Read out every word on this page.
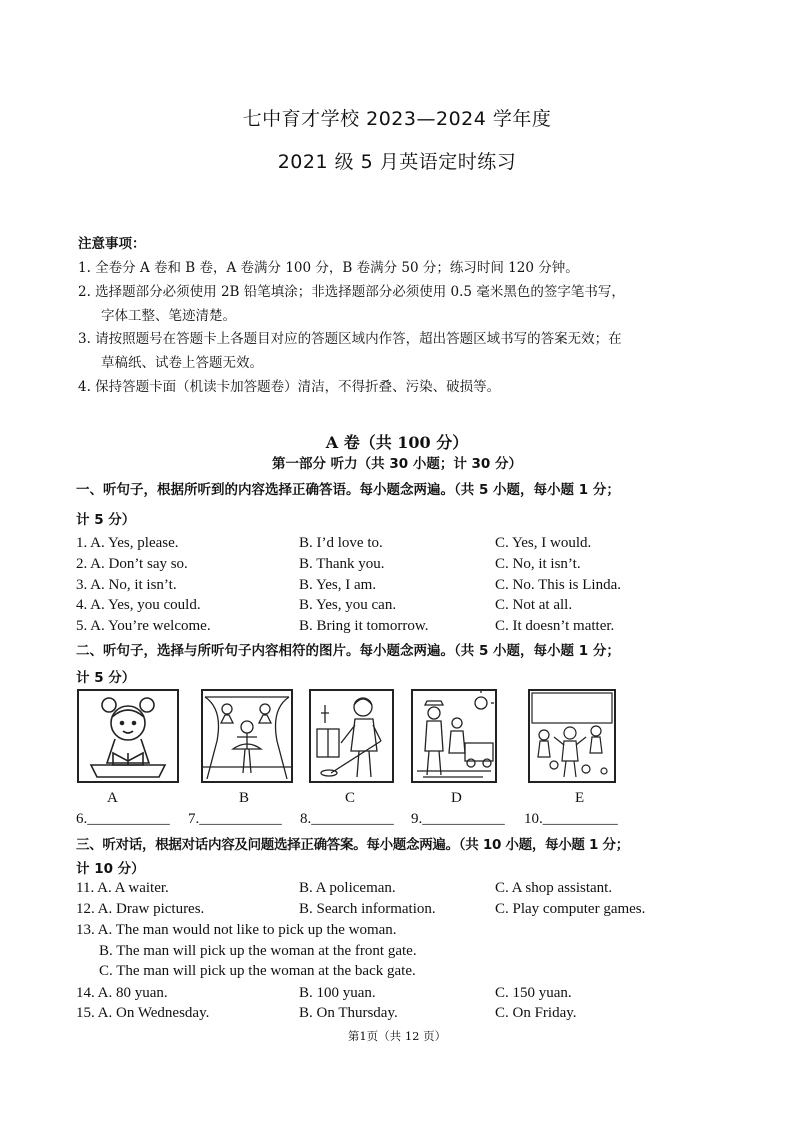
七中育才学校 2023—2024 学年度
2021 级 5 月英语定时练习
注意事项：
1. 全卷分 A 卷和 B 卷，A 卷满分 100 分，B 卷满分 50 分；练习时间 120 分钟。
2. 选择题部分必须使用 2B 铅笔填涂；非选择题部分必须使用 0.5 毫米黑色的签字笔书写，
字体工整、笔迹清楚。
3. 请按照题号在答题卡上各题目对应的答题区域内作答，超出答题区域书写的答案无效；在
草稿纸、试卷上答题无效。
4. 保持答题卡面（机读卡加答题卷）清洁，不得折叠、污染、破损等。
A 卷（共 100 分）
第一部分 听力（共 30 小题；计 30 分）
一、听句子，根据所听到的内容选择正确答语。每小题念两遍。（共 5 小题，每小题 1 分；
计 5 分）
1. A. Yes, please.	B. I’d love to.	C. Yes, I would.
2. A. Don’t say so.	B. Thank you.	C. No, it isn’t.
3. A. No, it isn’t.	B. Yes, I am.	C. No. This is Linda.
4. A. Yes, you could.	B. Yes, you can.	C. Not at all.
5. A. You’re welcome.	B. Bring it tomorrow.	C. It doesn’t matter.
二、听句子，选择与所听句子内容相符的图片。每小题念两遍。（共 5 小题，每小题 1 分；
计 5 分）
A	B	C	D	E
6.___________ 7.___________ 8.___________ 9.___________ 10.__________
三、听对话，根据对话内容及问题选择正确答案。每小题念两遍。（共 10 小题，每小题 1 分；
计 10 分）
11. A. A waiter.	B. A policeman.	C. A shop assistant.
12. A. Draw pictures.	B. Search information.	C. Play computer games.
13. A. The man would not like to pick up the woman.
B. The man will pick up the woman at the front gate.
C. The man will pick up the woman at the back gate.
14. A. 80 yuan.	B. 100 yuan.	C. 150 yuan.
15. A. On Wednesday.	B. On Thursday.	C. On Friday.
第1页（共 12 页）
